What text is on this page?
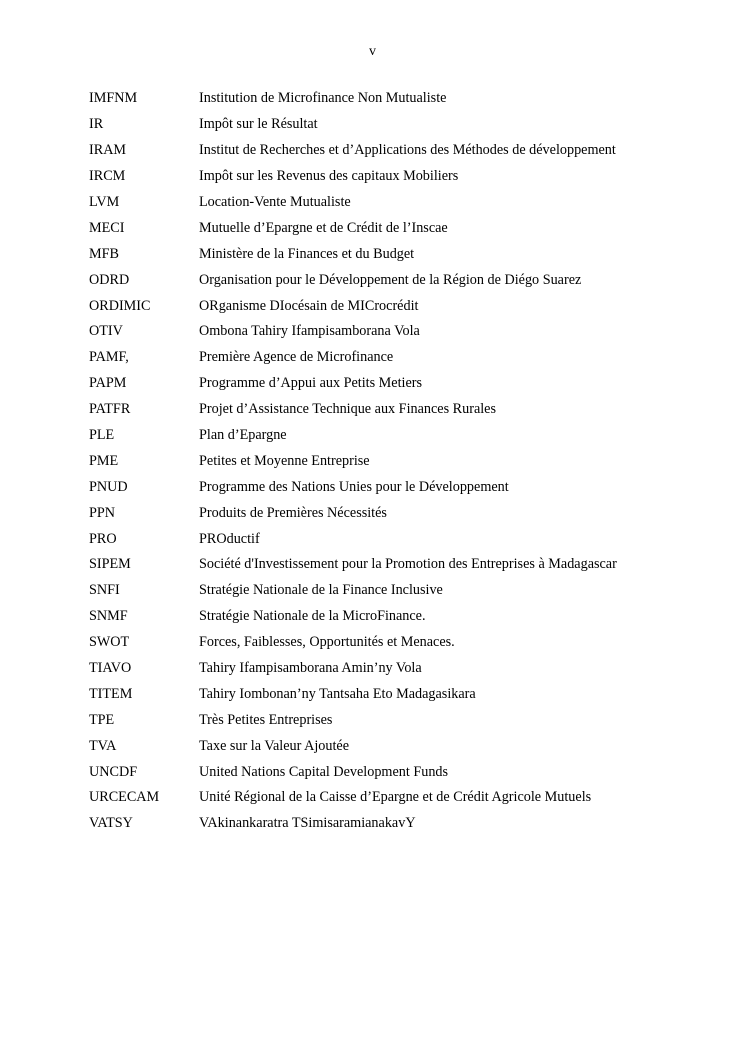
v
IMFNM	Institution de Microfinance Non Mutualiste
IR	Impôt sur le Résultat
IRAM	Institut de Recherches et d’Applications des Méthodes de développement
IRCM	Impôt sur les Revenus des capitaux Mobiliers
LVM	Location-Vente Mutualiste
MECI	Mutuelle d’Epargne et de Crédit de l’Inscae
MFB	Ministère de la Finances et du Budget
ODRD	Organisation pour le Développement de la Région de Diégo Suarez
ORDIMIC	ORganisme DIocésain de MICrocrédit
OTIV	Ombona Tahiry Ifampisamborana Vola
PAMF,	Première Agence de Microfinance
PAPM	Programme d’Appui aux Petits Metiers
PATFR	Projet d’Assistance Technique aux Finances Rurales
PLE	Plan d’Epargne
PME	Petites et Moyenne Entreprise
PNUD	Programme des Nations Unies pour le Développement
PPN	Produits de Premières Nécessités
PRO	PROductif
SIPEM	Société d'Investissement pour la Promotion des Entreprises à Madagascar
SNFI	Stratégie Nationale de la Finance Inclusive
SNMF	Stratégie Nationale de la MicroFinance.
SWOT	Forces, Faiblesses, Opportunités et Menaces.
TIAVO	Tahiry Ifampisamborana Amin’ny Vola
TITEM	Tahiry Iombonan’ny Tantsaha Eto Madagasikara
TPE	Très Petites Entreprises
TVA	Taxe sur la Valeur Ajoutée
UNCDF	United Nations Capital Development Funds
URCECAM	Unité Régional de la Caisse d’Epargne et de Crédit Agricole Mutuels
VATSY	VAkinankaratra TSimisaramianakavY
